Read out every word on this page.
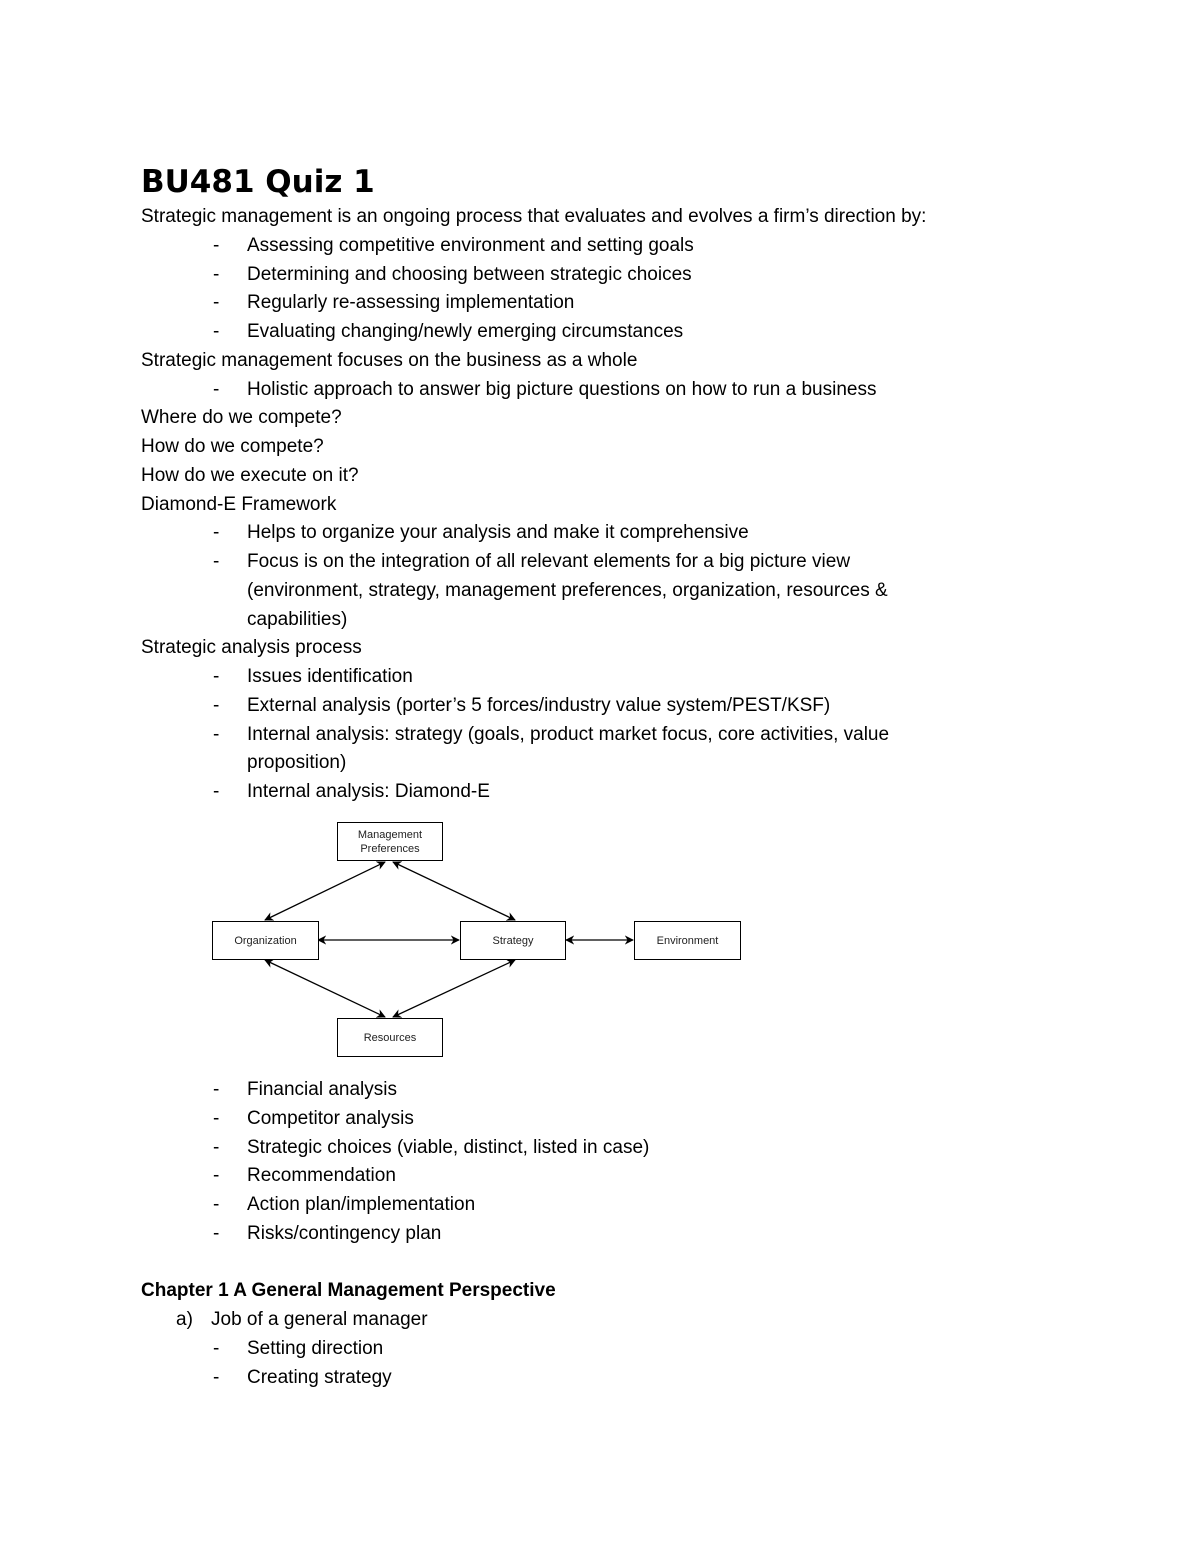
BU481 Quiz 1
Strategic management is an ongoing process that evaluates and evolves a firm’s direction by:
- Assessing competitive environment and setting goals
- Determining and choosing between strategic choices
- Regularly re-assessing implementation
- Evaluating changing/newly emerging circumstances
Strategic management focuses on the business as a whole
- Holistic approach to answer big picture questions on how to run a business
Where do we compete?
How do we compete?
How do we execute on it?
Diamond-E Framework
- Helps to organize your analysis and make it comprehensive
- Focus is on the integration of all relevant elements for a big picture view
(environment, strategy, management preferences, organization, resources &
capabilities)
Strategic analysis process
- Issues identification
- External analysis (porter’s 5 forces/industry value system/PEST/KSF)
- Internal analysis: strategy (goals, product market focus, core activities, value
proposition)
- Internal analysis: Diamond-E
Management
Preferences
Organization	Strategy	Environment
Resources
- Financial analysis
- Competitor analysis
- Strategic choices (viable, distinct, listed in case)
- Recommendation
- Action plan/implementation
- Risks/contingency plan
Chapter 1 A General Management Perspective
a) Job of a general manager
- Setting direction
- Creating strategy
